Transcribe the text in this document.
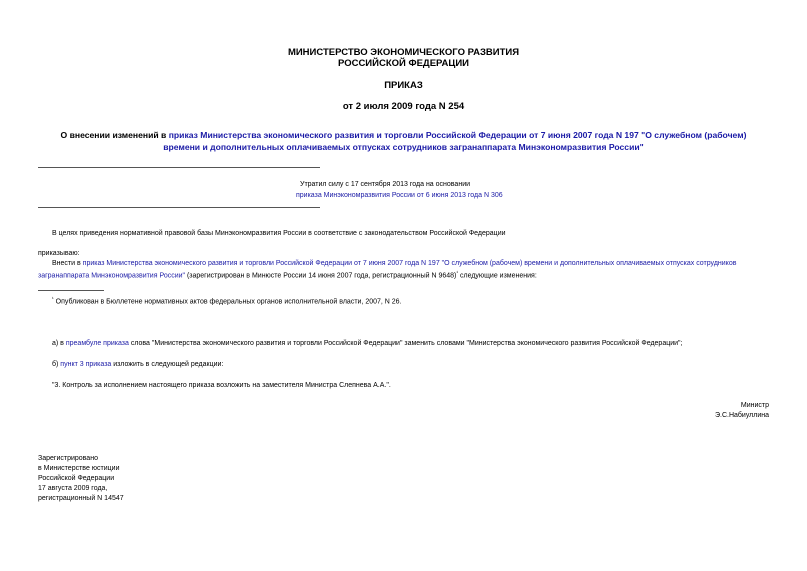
МИНИСТЕРСТВО ЭКОНОМИЧЕСКОГО РАЗВИТИЯ
РОССИЙСКОЙ ФЕДЕРАЦИИ
ПРИКАЗ
от 2 июля 2009 года N 254
О внесении изменений в приказ Министерства экономического развития и торговли Российской Федерации от 7 июня 2007 года N 197 "О служебном (рабочем)
времени и дополнительных оплачиваемых отпусках сотрудников загранаппарата Минэкономразвития России"
Утратил силу с 17 сентября 2013 года на основании
приказа Минэкономразвития России от 6 июня 2013 года N 306
В целях приведения нормативной правовой базы Минэкономразвития России в соответствие с законодательством Российской Федерации
приказываю:
Внести в приказ Министерства экономического развития и торговли Российской Федерации от 7 июня 2007 года N 197 "О служебном (рабочем) времени и дополнительных оплачиваемых отпусках сотрудников
загранаппарата Минэкономразвития России" (зарегистрирован в Минюсте России 14 июня 2007 года, регистрационный N 9648)$^{^1}$ следующие изменения:
$^{^1}$ Опубликован в Бюллетене нормативных актов федеральных органов исполнительной власти, 2007, N 26.
а) в преамбуле приказа слова "Министерства экономического развития и торговли Российской Федерации" заменить словами "Министерства экономического развития Российской Федерации";
б) пункт 3 приказа изложить в следующей редакции:
"3. Контроль за исполнением настоящего приказа возложить на заместителя Министра Слепнева А.А.".
Министр
Э.С.Набиуллина
Зарегистрировано
в Министерстве юстиции
Российской Федерации
17 августа 2009 года,
регистрационный N 14547
